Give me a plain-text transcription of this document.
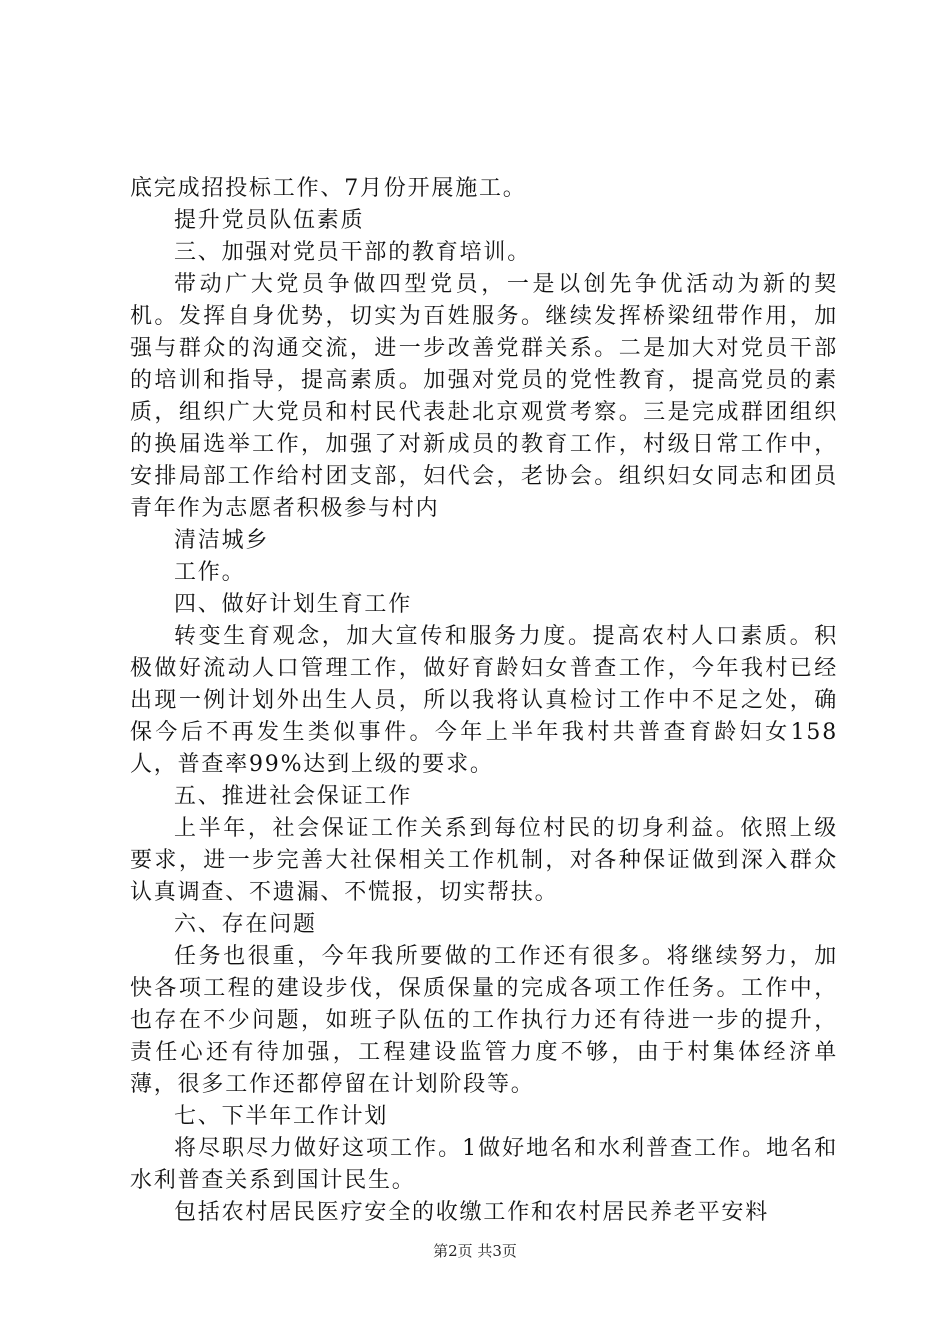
底完成招投标工作、7月份开展施工。

提升党员队伍素质

三、加强对党员干部的教育培训。

带动广大党员争做四型党员，一是以创先争优活动为新的契机。发挥自身优势，切实为百姓服务。继续发挥桥梁纽带作用，加强与群众的沟通交流，进一步改善党群关系。二是加大对党员干部的培训和指导，提高素质。加强对党员的党性教育，提高党员的素质，组织广大党员和村民代表赴北京观赏考察。三是完成群团组织的换届选举工作，加强了对新成员的教育工作，村级日常工作中，安排局部工作给村团支部，妇代会，老协会。组织妇女同志和团员青年作为志愿者积极参与村内

清洁城乡

工作。

四、做好计划生育工作

转变生育观念，加大宣传和服务力度。提高农村人口素质。积极做好流动人口管理工作，做好育龄妇女普查工作，今年我村已经出现一例计划外出生人员，所以我将认真检讨工作中不足之处，确保今后不再发生类似事件。今年上半年我村共普查育龄妇女158人，普查率99%达到上级的要求。

五、推进社会保证工作

上半年，社会保证工作关系到每位村民的切身利益。依照上级要求，进一步完善大社保相关工作机制，对各种保证做到深入群众认真调查、不遗漏、不慌报，切实帮扶。

六、存在问题

任务也很重，今年我所要做的工作还有很多。将继续努力，加快各项工程的建设步伐，保质保量的完成各项工作任务。工作中，也存在不少问题，如班子队伍的工作执行力还有待进一步的提升，责任心还有待加强，工程建设监管力度不够，由于村集体经济单薄，很多工作还都停留在计划阶段等。

七、下半年工作计划

将尽职尽力做好这项工作。1做好地名和水利普查工作。地名和水利普查关系到国计民生。

包括农村居民医疗安全的收缴工作和农村居民养老平安料

第2页 共3页
